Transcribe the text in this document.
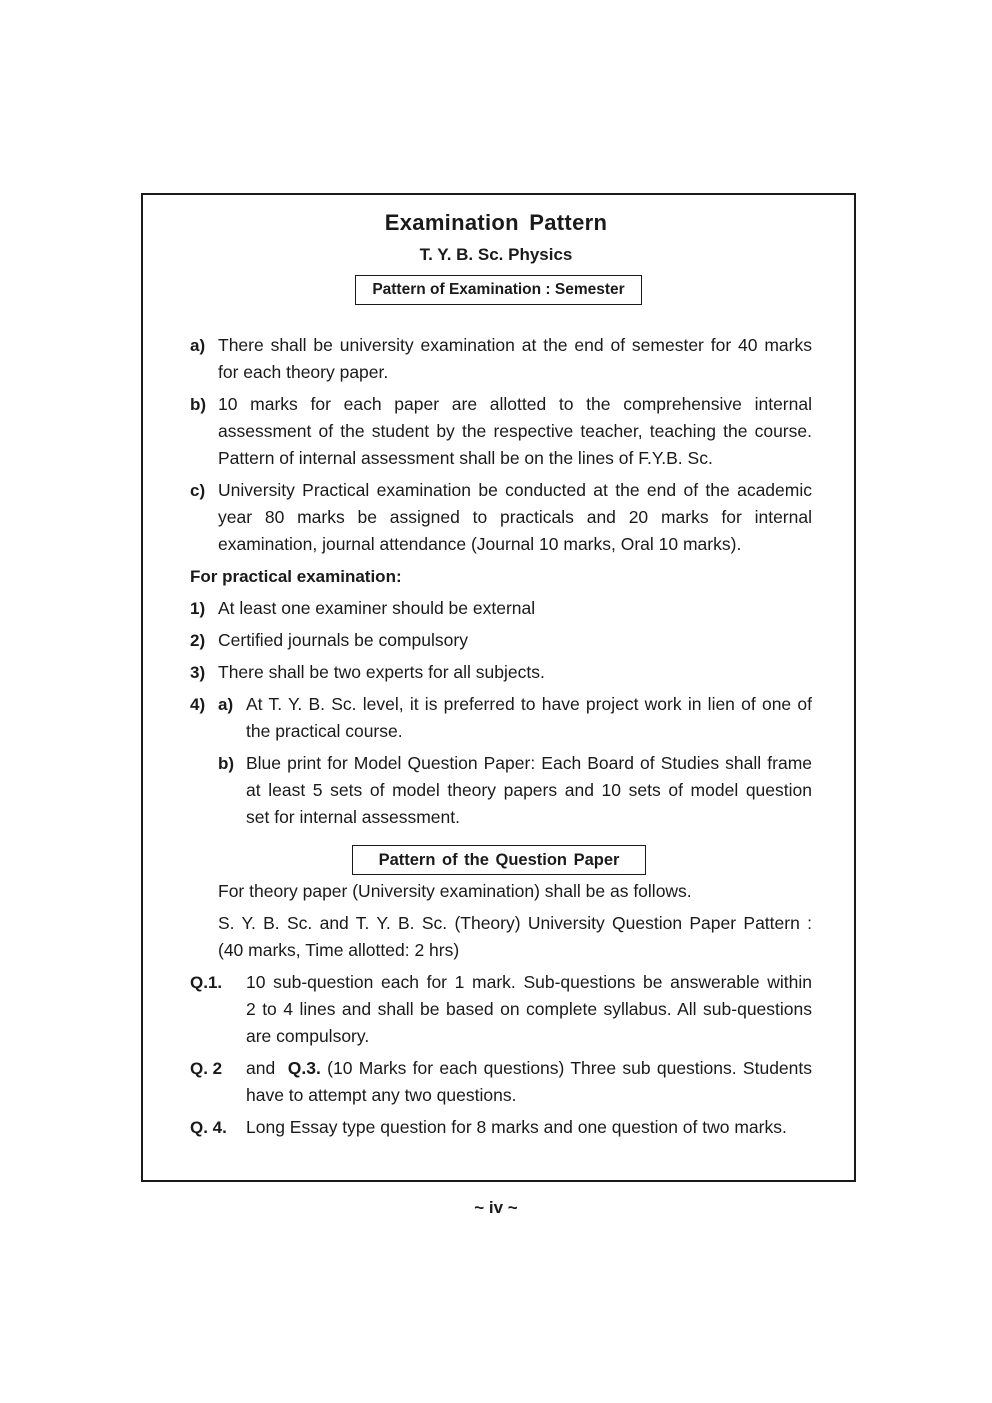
Examination Pattern
T. Y. B. Sc. Physics
Pattern of Examination : Semester
a) There shall be university examination at the end of semester for 40 marks
for each theory paper.
b) 10 marks for each paper are allotted to the comprehensive internal
assessment of the student by the respective teacher, teaching the course.
Pattern of internal assessment shall be on the lines of F.Y.B. Sc.
c) University Practical examination be conducted at the end of the academic
year 80 marks be assigned to practicals and 20 marks for internal
examination, journal attendance (Journal 10 marks, Oral 10 marks).
For practical examination:
1) At least one examiner should be external
2) Certified journals be compulsory
3) There shall be two experts for all subjects.
4) a) At T. Y. B. Sc. level, it is preferred to have project work in lien of one of
the practical course.
b) Blue print for Model Question Paper: Each Board of Studies shall frame
at least 5 sets of model theory papers and 10 sets of model question
set for internal assessment.
Pattern of the Question Paper
For theory paper (University examination) shall be as follows.
S. Y. B. Sc. and T. Y. B. Sc. (Theory) University Question Paper Pattern :
(40 marks, Time allotted: 2 hrs)
Q.1. 10 sub-question each for 1 mark. Sub-questions be answerable within
2 to 4 lines and shall be based on complete syllabus. All sub-questions
are compulsory.
Q. 2 and Q.3. (10 Marks for each questions) Three sub questions. Students
have to attempt any two questions.
Q. 4. Long Essay type question for 8 marks and one question of two marks.
~ iv ~
